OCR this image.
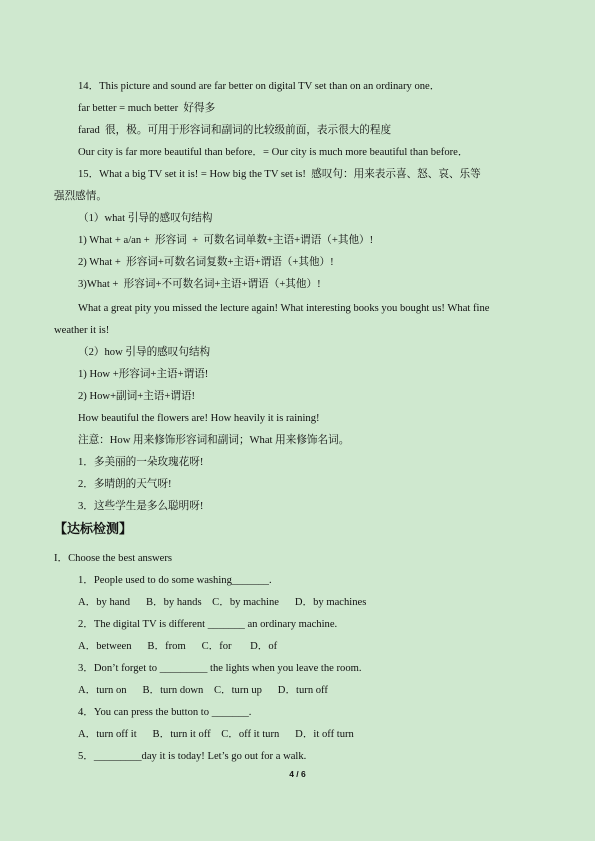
14．This picture and sound are far better on digital TV set than on an ordinary one．
far better = much better  好得多
farad  很，极。可用于形容词和副词的比较级前面，表示很大的程度
Our city is far more beautiful than before．= Our city is much more beautiful than before．
15．What a big TV set it is! = How big the TV set is!  感叹句：用来表示喜、怒、哀、乐等
强烈感情。
（1）what 引导的感叹句结构
1) What + a/an +  形容词  +  可数名词单数+主语+谓语（+其他）!
2) What +  形容词+可数名词复数+主语+谓语（+其他）!
3)What +  形容词+不可数名词+主语+谓语（+其他）!
What a great pity you missed the lecture again! What interesting books you bought us! What fine
weather it is!
（2）how 引导的感叹句结构
1) How +形容词+主语+谓语!
2) How+副词+主语+谓语!
How beautiful the flowers are! How heavily it is raining!
注意：How 用来修饰形容词和副词；What 用来修饰名词。
1．多美丽的一朵玫瑰花呀!
2．多晴朗的天气呀!
3．这些学生是多么聪明呀!
【达标检测】
I．Choose the best answers
1．People used to do some washing_______.
A．by hand      B．by hands    C．by machine      D．by machines
2．The digital TV is different _______ an ordinary machine.
A．between      B．from      C．for       D．of
3．Don’t forget to _________ the lights when you leave the room.
A．turn on      B．turn down    C．turn up      D．turn off
4．You can press the button to _______.
A．turn off it      B．turn it off    C．off it turn      D．it off turn
5．_________day it is today! Let’s go out for a walk.
4 / 6
